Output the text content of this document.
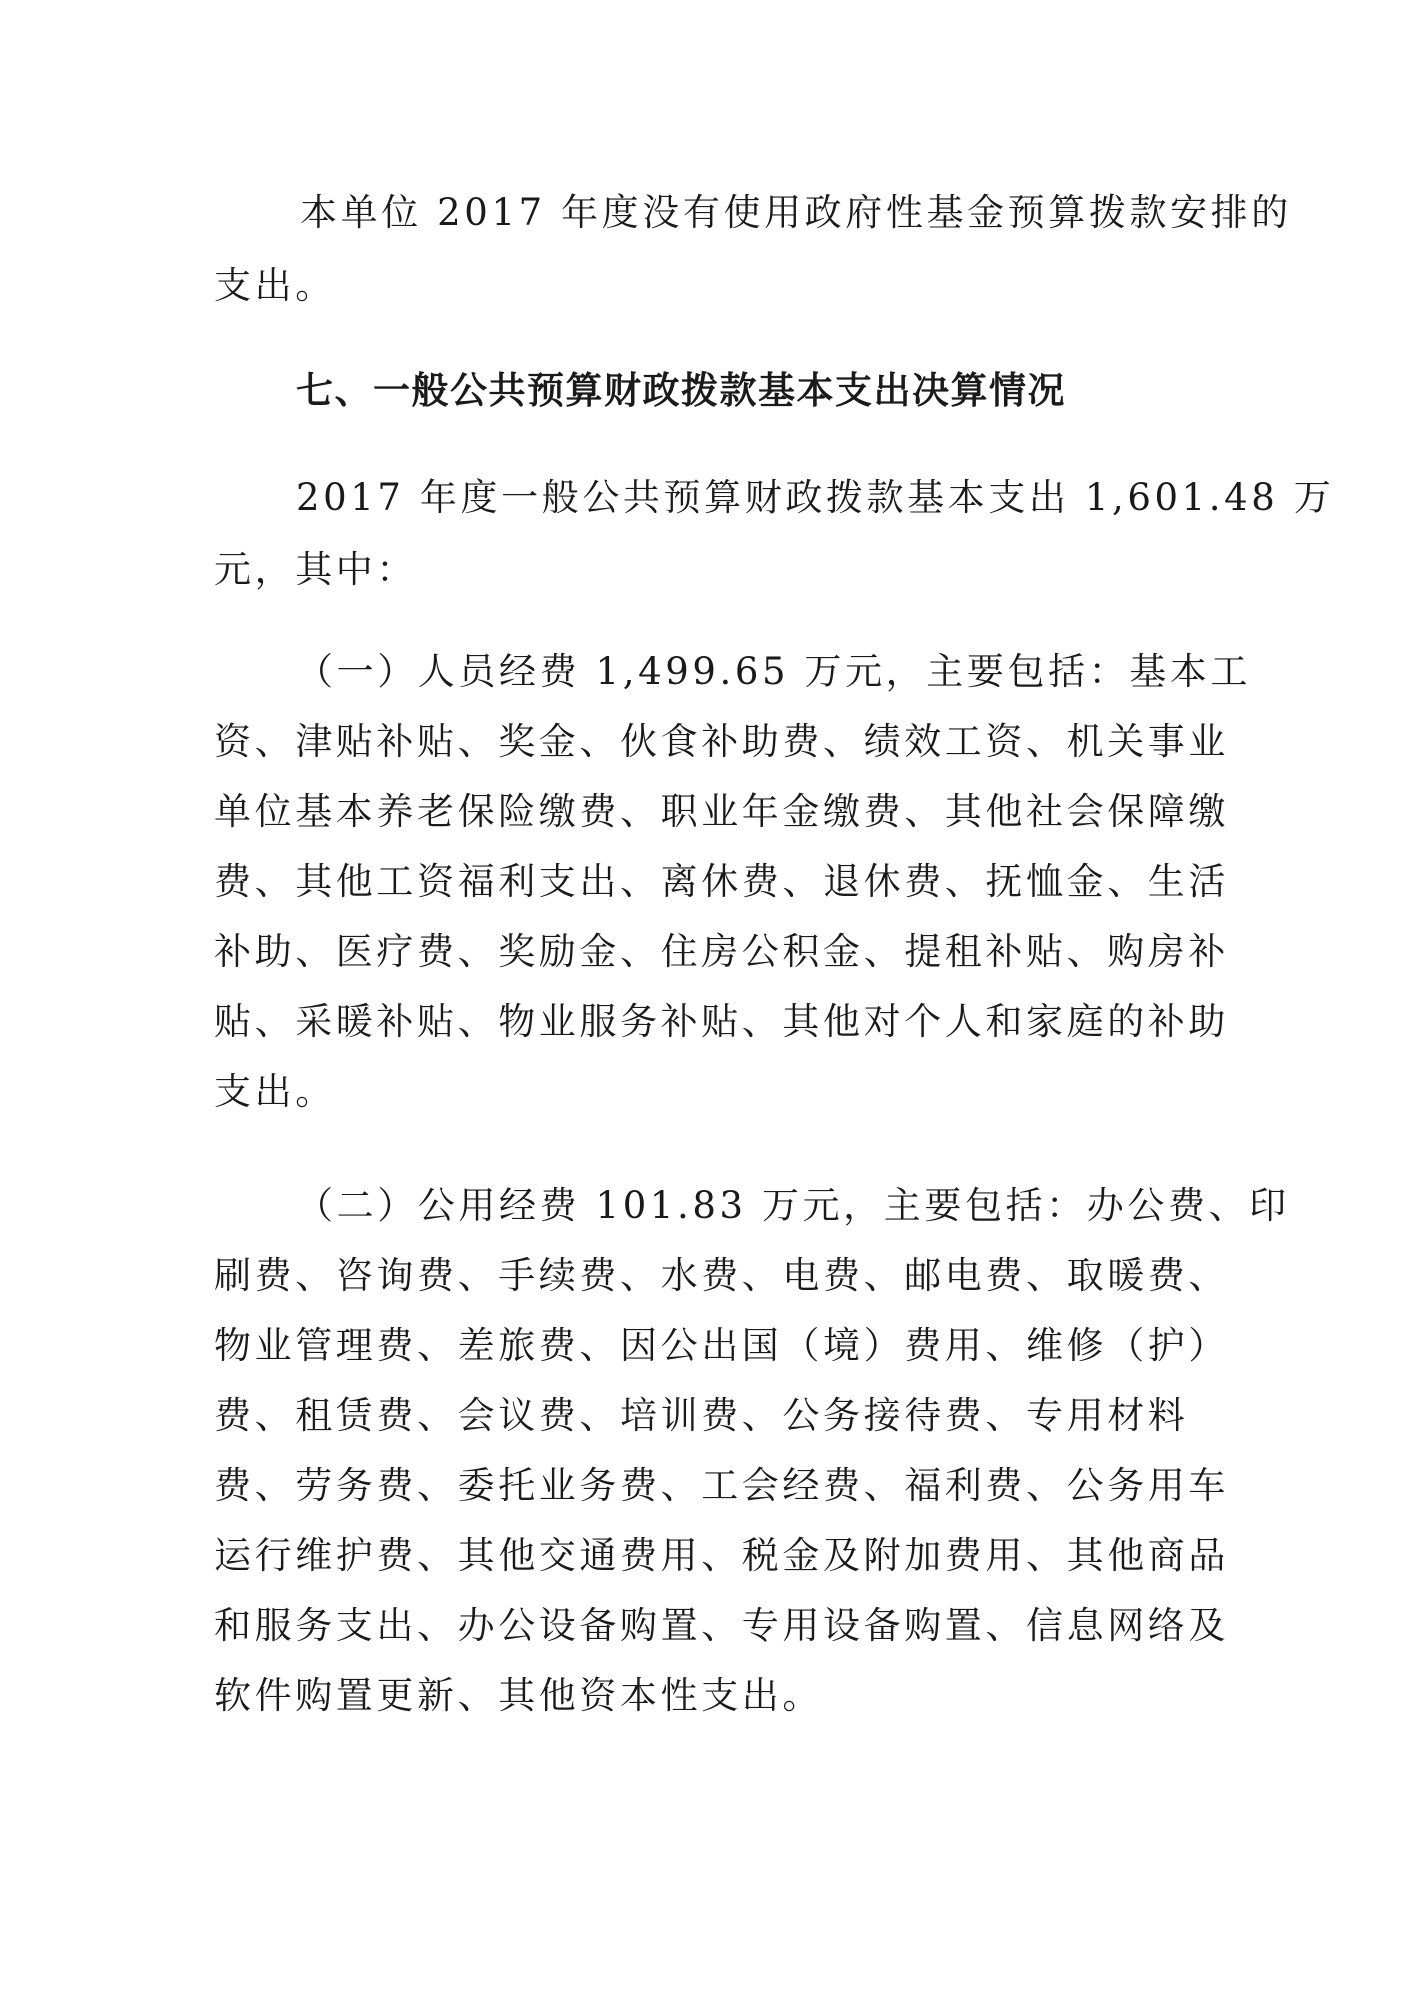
本单位 2017 年度没有使用政府性基金预算拨款安排的
支出。
七、一般公共预算财政拨款基本支出决算情况
2017 年度一般公共预算财政拨款基本支出 1,601.48 万
元，其中：
（一）人员经费 1,499.65 万元，主要包括：基本工
资、津贴补贴、奖金、伙食补助费、绩效工资、机关事业
单位基本养老保险缴费、职业年金缴费、其他社会保障缴
费、其他工资福利支出、离休费、退休费、抚恤金、生活
补助、医疗费、奖励金、住房公积金、提租补贴、购房补
贴、采暖补贴、物业服务补贴、其他对个人和家庭的补助
支出。
（二）公用经费 101.83 万元，主要包括：办公费、印
刷费、咨询费、手续费、水费、电费、邮电费、取暖费、
物业管理费、差旅费、因公出国（境）费用、维修（护）
费、租赁费、会议费、培训费、公务接待费、专用材料
费、劳务费、委托业务费、工会经费、福利费、公务用车
运行维护费、其他交通费用、税金及附加费用、其他商品
和服务支出、办公设备购置、专用设备购置、信息网络及
软件购置更新、其他资本性支出。
